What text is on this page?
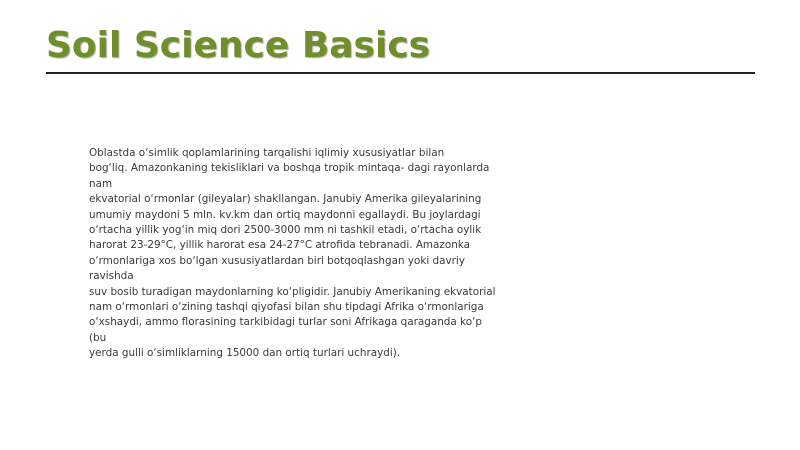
Soil Science Basics
Oblastda o‘simlik qoplamlarining tarqalishi iqlimiy xususiyatlar bilan
bog‘liq. Amazonkaning tekisliklari va boshqa tropik mintaqa- dagi rayonlarda
nam
ekvatorial o‘rmonlar (gileyalar) shakllangan. Janubiy Amerika gileyalarining
umumiy maydoni 5 mln. kv.km dan ortiq maydonni egallaydi. Bu joylardagi
o‘rtacha yillik yog‘in miq dori 2500-3000 mm ni tashkil etadi, o‘rtacha oylik
harorat 23-29°C, yillik harorat esa 24-27°C atrofida tebranadi. Amazonka
o‘rmonlariga xos bo‘lgan xususiyatlardan biri botqoqlashgan yoki davriy
ravishda
suv bosib turadigan maydonlarning ko‘pligidir. Janubiy Amerikaning ekvatorial
nam o‘rmonlari o‘zining tashqi qiyofasi bilan shu tipdagi Afrika o‘rmonlariga
o‘xshaydi, ammo florasining tarkibidagi turlar soni Afrikaga qaraganda ko‘p
(bu
yerda gulli o‘simliklarning 15000 dan ortiq turlari uchraydi).
